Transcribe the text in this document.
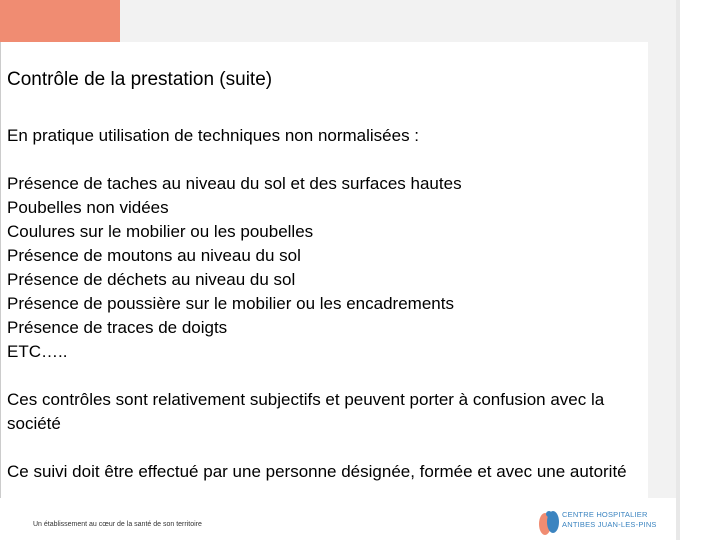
Contrôle de la prestation (suite)

En pratique utilisation de techniques non normalisées :

Présence de taches au niveau du sol et des surfaces hautes
Poubelles non vidées
Coulures sur le mobilier ou les poubelles
Présence de moutons au niveau du sol
Présence de déchets au niveau du sol
Présence de poussière sur le mobilier ou les encadrements
Présence de traces de doigts
ETC…..

Ces contrôles sont relativement subjectifs et peuvent porter à confusion avec la société

Ce suivi doit être effectué par une personne désignée, formée et avec une autorité

Un établissement au cœur de la santé de son territoire
CENTRE HOSPITALIER
ANTIBES JUAN-LES-PINS
